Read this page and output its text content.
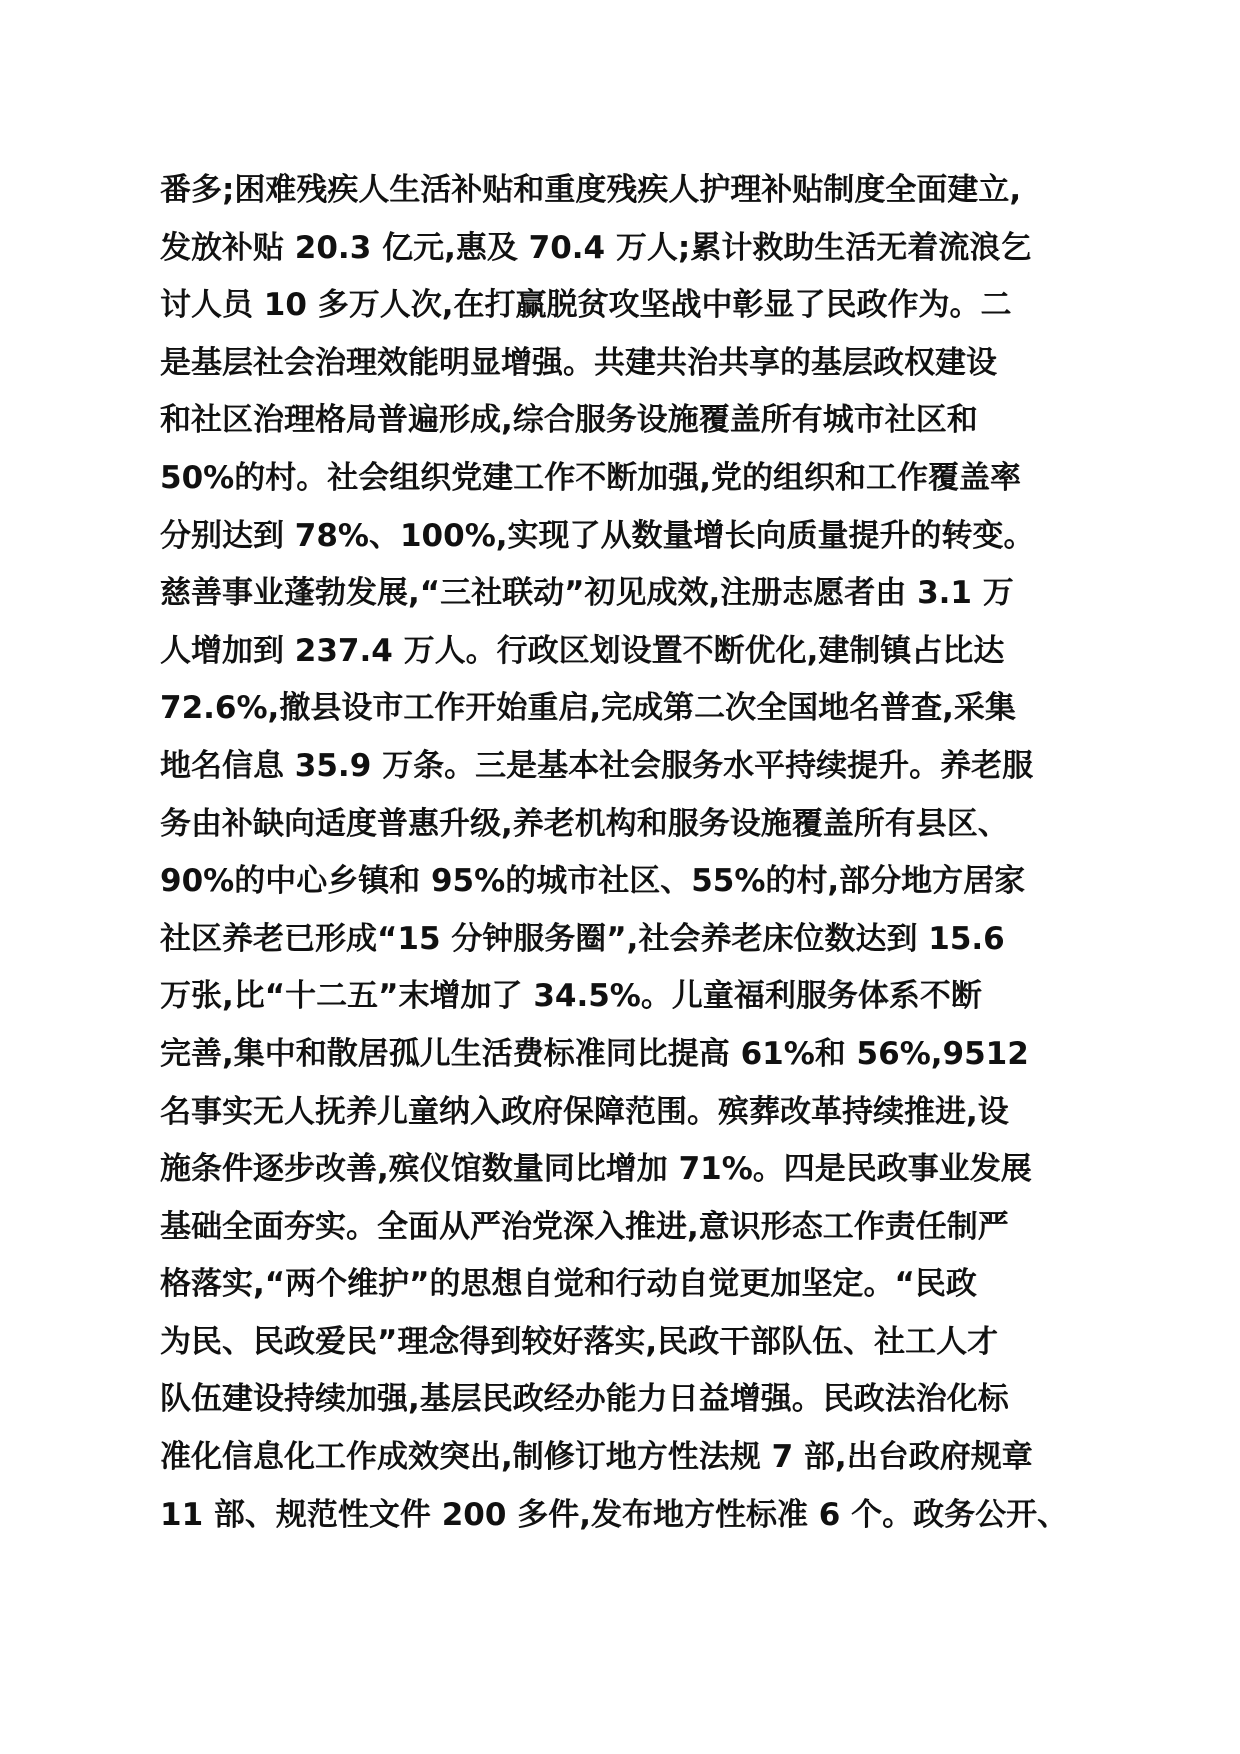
番多;困难残疾人生活补贴和重度残疾人护理补贴制度全面建立,
发放补贴 20.3 亿元,惠及 70.4 万人;累计救助生活无着流浪乞
讨人员 10 多万人次,在打赢脱贫攻坚战中彰显了民政作为。二
是基层社会治理效能明显增强。共建共治共享的基层政权建设
和社区治理格局普遍形成,综合服务设施覆盖所有城市社区和
50%的村。社会组织党建工作不断加强,党的组织和工作覆盖率
分别达到 78%、100%,实现了从数量增长向质量提升的转变。
慈善事业蓬勃发展,“三社联动”初见成效,注册志愿者由 3.1 万
人增加到 237.4 万人。行政区划设置不断优化,建制镇占比达
72.6%,撤县设市工作开始重启,完成第二次全国地名普查,采集
地名信息 35.9 万条。三是基本社会服务水平持续提升。养老服
务由补缺向适度普惠升级,养老机构和服务设施覆盖所有县区、
90%的中心乡镇和 95%的城市社区、55%的村,部分地方居家
社区养老已形成“15 分钟服务圈”,社会养老床位数达到 15.6
万张,比“十二五”末增加了 34.5%。儿童福利服务体系不断
完善,集中和散居孤儿生活费标准同比提高 61%和 56%,9512
名事实无人抚养儿童纳入政府保障范围。殡葬改革持续推进,设
施条件逐步改善,殡仪馆数量同比增加 71%。四是民政事业发展
基础全面夯实。全面从严治党深入推进,意识形态工作责任制严
格落实,“两个维护”的思想自觉和行动自觉更加坚定。“民政
为民、民政爱民”理念得到较好落实,民政干部队伍、社工人才
队伍建设持续加强,基层民政经办能力日益增强。民政法治化标
准化信息化工作成效突出,制修订地方性法规 7 部,出台政府规章
11 部、规范性文件 200 多件,发布地方性标准 6 个。政务公开、
